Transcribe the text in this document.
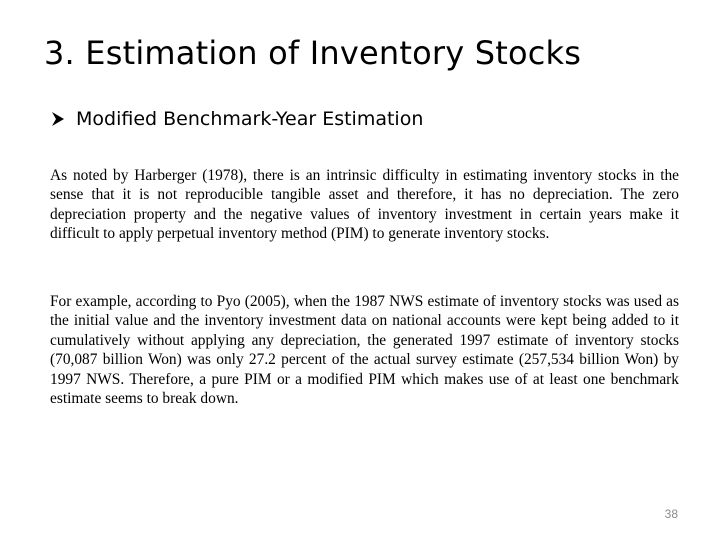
3. Estimation of Inventory Stocks
Modified Benchmark-Year Estimation

As noted by Harberger (1978), there is an intrinsic difficulty in estimating inventory stocks in the sense that it is not reproducible tangible asset and therefore, it has no depreciation. The zero depreciation property and the negative values of inventory investment in certain years make it difficult to apply perpetual inventory method (PIM) to generate inventory stocks.

For example, according to Pyo (2005), when the 1987 NWS estimate of inventory stocks was used as the initial value and the inventory investment data on national accounts were kept being added to it cumulatively without applying any depreciation, the generated 1997 estimate of inventory stocks (70,087 billion Won) was only 27.2 percent of the actual survey estimate (257,534 billion Won) by 1997 NWS. Therefore, a pure PIM or a modified PIM which makes use of at least one benchmark estimate seems to break down.

38
